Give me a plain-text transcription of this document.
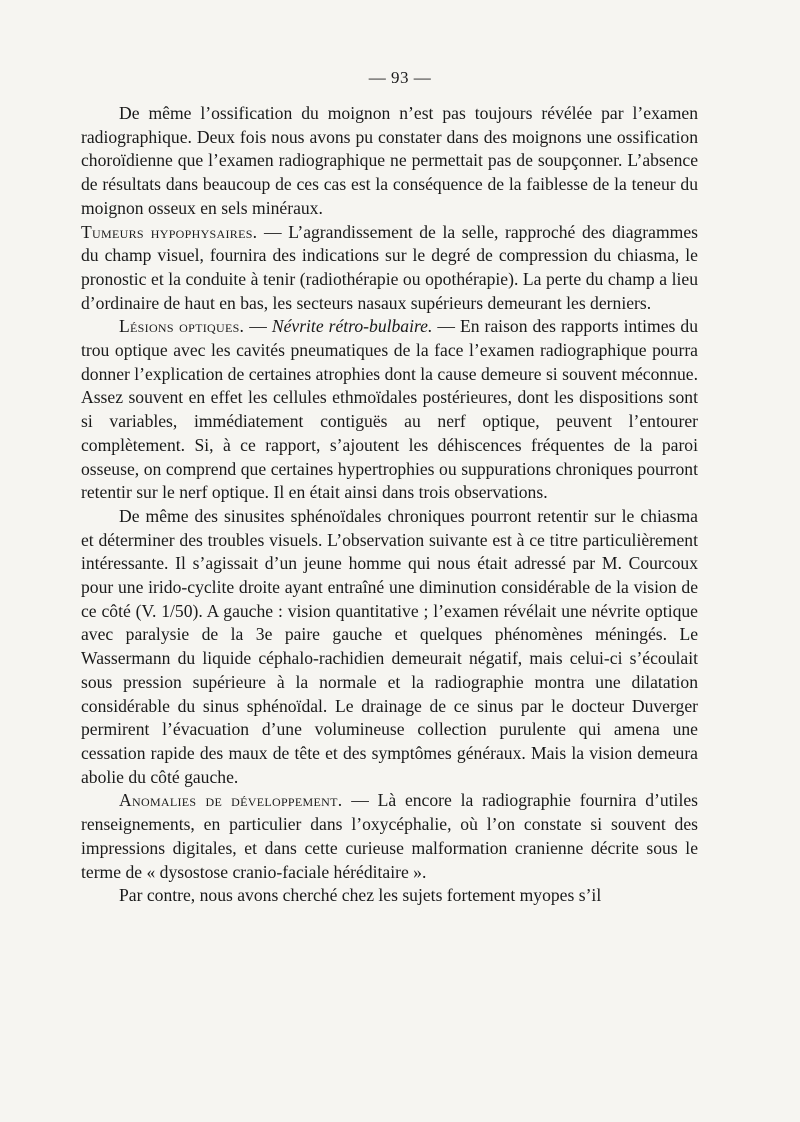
— 93 —

De même l’ossification du moignon n’est pas toujours révélée par l’examen radiographique. Deux fois nous avons pu constater dans des moignons une ossification choroïdienne que l’examen radiographique ne permettait pas de soupçonner. L’absence de résultats dans beaucoup de ces cas est la conséquence de la faiblesse de la teneur du moignon osseux en sels minéraux.

Tumeurs hypophysaires. — L’agrandissement de la selle, rapproché des diagrammes du champ visuel, fournira des indications sur le degré de compression du chiasma, le pronostic et la conduite à tenir (radiothérapie ou opothérapie). La perte du champ a lieu d’ordinaire de haut en bas, les secteurs nasaux supérieurs demeurant les derniers.

Lésions optiques. — Névrite rétro-bulbaire. — En raison des rapports intimes du trou optique avec les cavités pneumatiques de la face l’examen radiographique pourra donner l’explication de certaines atrophies dont la cause demeure si souvent méconnue. Assez souvent en effet les cellules ethmoïdales postérieures, dont les dispositions sont si variables, immédiatement contiguës au nerf optique, peuvent l’entourer complètement. Si, à ce rapport, s’ajoutent les déhiscences fréquentes de la paroi osseuse, on comprend que certaines hypertrophies ou suppurations chroniques pourront retentir sur le nerf optique. Il en était ainsi dans trois observations.

De même des sinusites sphénoïdales chroniques pourront retentir sur le chiasma et déterminer des troubles visuels. L’observation suivante est à ce titre particulièrement intéressante. Il s’agissait d’un jeune homme qui nous était adressé par M. Courcoux pour une irido-cyclite droite ayant entraîné une diminution considérable de la vision de ce côté (V. 1/50). A gauche : vision quantitative ; l’examen révélait une névrite optique avec paralysie de la 3e paire gauche et quelques phénomènes méningés. Le Wassermann du liquide céphalo-rachidien demeurait négatif, mais celui-ci s’écoulait sous pression supérieure à la normale et la radiographie montra une dilatation considérable du sinus sphénoïdal. Le drainage de ce sinus par le docteur Duverger permirent l’évacuation d’une volumineuse collection purulente qui amena une cessation rapide des maux de tête et des symptômes généraux. Mais la vision demeura abolie du côté gauche.

Anomalies de développement. — Là encore la radiographie fournira d’utiles renseignements, en particulier dans l’oxycéphalie, où l’on constate si souvent des impressions digitales, et dans cette curieuse malformation cranienne décrite sous le terme de « dysostose cranio-faciale héréditaire ».

Par contre, nous avons cherché chez les sujets fortement myopes s’il
